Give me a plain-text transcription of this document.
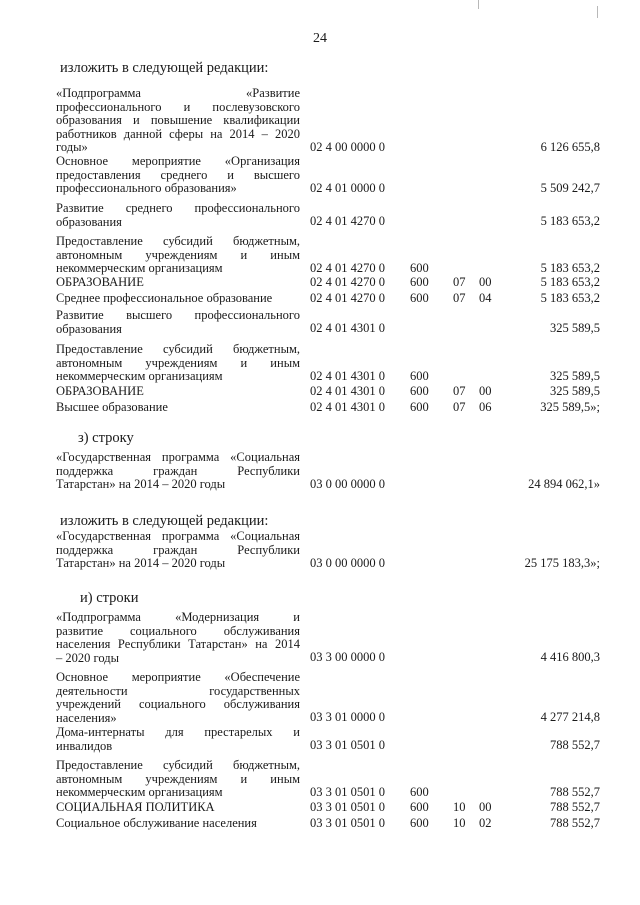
24
изложить в следующей редакции:
з) строку
изложить в следующей редакции:
и) строки
«Подпрограмма «Развитие
профессионального и послевузовского
образования и повышение квалификации
работников данной сферы на 2014 – 2020
годы»	02 4 00 0000 0	6 126 655,8
Основное мероприятие «Организация
предоставления среднего и высшего
профессионального образования»	02 4 01 0000 0	5 509 242,7
Развитие среднего профессионального
образования	02 4 01 4270 0	5 183 653,2
Предоставление субсидий бюджетным,
автономным учреждениям и иным
некоммерческим организациям	02 4 01 4270 0 600	5 183 653,2
ОБРАЗОВАНИЕ	02 4 01 4270 0 600 07 00	5 183 653,2
Среднее профессиональное образование	02 4 01 4270 0 600 07 04	5 183 653,2
Развитие высшего профессионального
образования	02 4 01 4301 0	325 589,5
Предоставление субсидий бюджетным,
автономным учреждениям и иным
некоммерческим организациям	02 4 01 4301 0 600	325 589,5
ОБРАЗОВАНИЕ	02 4 01 4301 0 600 07 00	325 589,5
Высшее образование	02 4 01 4301 0 600 07 06	325 589,5»;
«Государственная программа «Социальная
поддержка граждан Республики
Татарстан» на 2014 – 2020 годы	03 0 00 0000 0	24 894 062,1»
«Государственная программа «Социальная
поддержка граждан Республики
Татарстан» на 2014 – 2020 годы	03 0 00 0000 0	25 175 183,3»;
«Подпрограмма «Модернизация и
развитие социального обслуживания
населения Республики Татарстан» на 2014
– 2020 годы	03 3 00 0000 0	4 416 800,3
Основное мероприятие «Обеспечение
деятельности государственных
учреждений социального обслуживания
населения»	03 3 01 0000 0	4 277 214,8
Дома-интернаты для престарелых и
инвалидов	03 3 01 0501 0	788 552,7
Предоставление субсидий бюджетным,
автономным учреждениям и иным
некоммерческим организациям	03 3 01 0501 0 600	788 552,7
СОЦИАЛЬНАЯ ПОЛИТИКА	03 3 01 0501 0 600 10 00	788 552,7
Социальное обслуживание населения	03 3 01 0501 0 600 10 02	788 552,7
